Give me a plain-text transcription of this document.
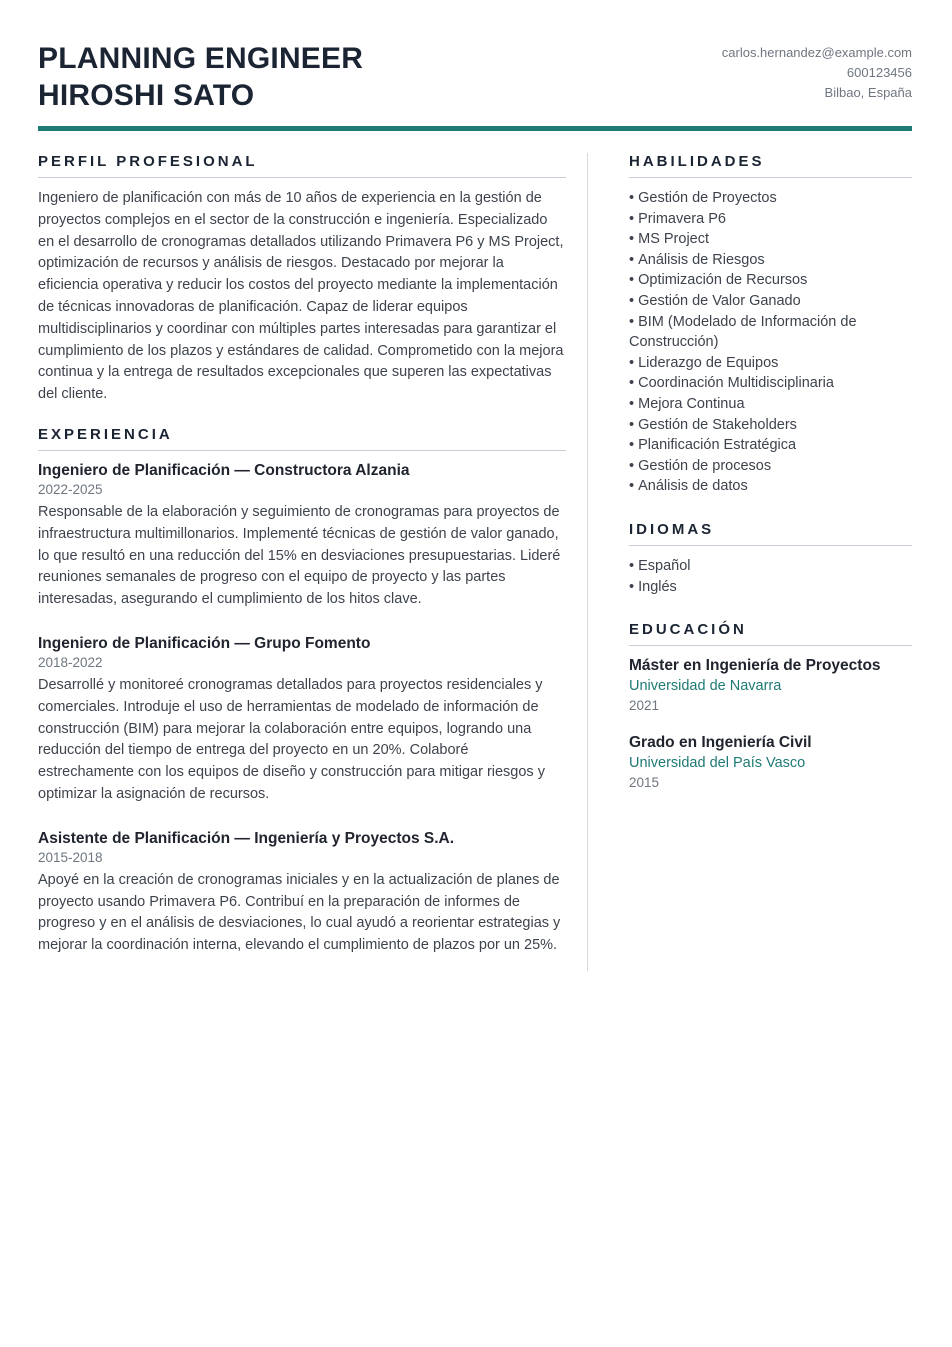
PLANNING ENGINEER
HIROSHI SATO
carlos.hernandez@example.com
600123456
Bilbao, España
PERFIL PROFESIONAL
Ingeniero de planificación con más de 10 años de experiencia en la gestión de proyectos complejos en el sector de la construcción e ingeniería. Especializado en el desarrollo de cronogramas detallados utilizando Primavera P6 y MS Project, optimización de recursos y análisis de riesgos. Destacado por mejorar la eficiencia operativa y reducir los costos del proyecto mediante la implementación de técnicas innovadoras de planificación. Capaz de liderar equipos multidisciplinarios y coordinar con múltiples partes interesadas para garantizar el cumplimiento de los plazos y estándares de calidad. Comprometido con la mejora continua y la entrega de resultados excepcionales que superen las expectativas del cliente.
EXPERIENCIA
Ingeniero de Planificación — Constructora Alzania
2022-2025
Responsable de la elaboración y seguimiento de cronogramas para proyectos de infraestructura multimillonarios. Implementé técnicas de gestión de valor ganado, lo que resultó en una reducción del 15% en desviaciones presupuestarias. Lideré reuniones semanales de progreso con el equipo de proyecto y las partes interesadas, asegurando el cumplimiento de los hitos clave.
Ingeniero de Planificación — Grupo Fomento
2018-2022
Desarrollé y monitoreé cronogramas detallados para proyectos residenciales y comerciales. Introduje el uso de herramientas de modelado de información de construcción (BIM) para mejorar la colaboración entre equipos, logrando una reducción del tiempo de entrega del proyecto en un 20%. Colaboré estrechamente con los equipos de diseño y construcción para mitigar riesgos y optimizar la asignación de recursos.
Asistente de Planificación — Ingeniería y Proyectos S.A.
2015-2018
Apoyé en la creación de cronogramas iniciales y en la actualización de planes de proyecto usando Primavera P6. Contribuí en la preparación de informes de progreso y en el análisis de desviaciones, lo cual ayudó a reorientar estrategias y mejorar la coordinación interna, elevando el cumplimiento de plazos por un 25%.
HABILIDADES
• Gestión de Proyectos
• Primavera P6
• MS Project
• Análisis de Riesgos
• Optimización de Recursos
• Gestión de Valor Ganado
• BIM (Modelado de Información de Construcción)
• Liderazgo de Equipos
• Coordinación Multidisciplinaria
• Mejora Continua
• Gestión de Stakeholders
• Planificación Estratégica
• Gestión de procesos
• Análisis de datos
IDIOMAS
• Español
• Inglés
EDUCACIÓN
Máster en Ingeniería de Proyectos
Universidad de Navarra
2021
Grado en Ingeniería Civil
Universidad del País Vasco
2015
